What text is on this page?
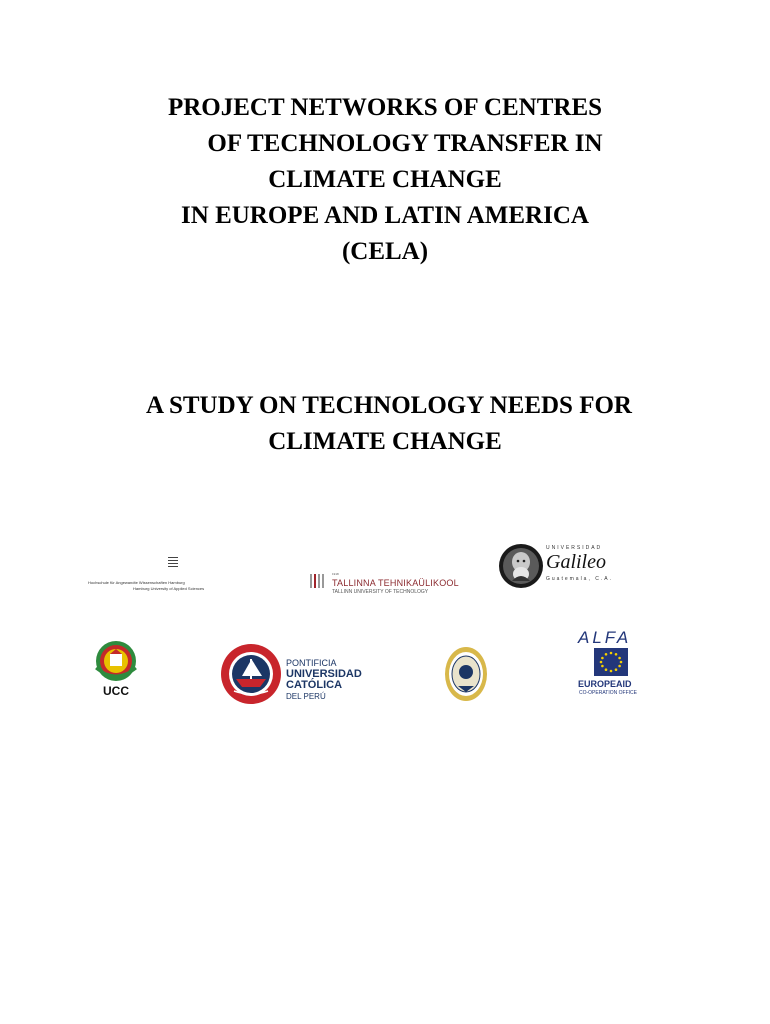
PROJECT NETWORKS OF CENTRES
OF TECHNOLOGY TRANSFER IN
CLIMATE CHANGE
IN EUROPE AND LATIN AMERICA
(CELA)
A STUDY ON TECHNOLOGY NEEDS FOR
CLIMATE CHANGE
Hochschule für Angewandte Wissenschaften Hamburg
Hamburg University of Applied Sciences
1918
TALLINNA TEHNIKAÜLIKOOL
TALLINN UNIVERSITY OF TECHNOLOGY
UNIVERSIDAD
Galileo
Guatemala, C.A.
UCC
PONTIFICIA
UNIVERSIDAD
CATÓLICA
DEL PERÚ
ALFA
EUROPEAID
CO-OPERATION OFFICE
